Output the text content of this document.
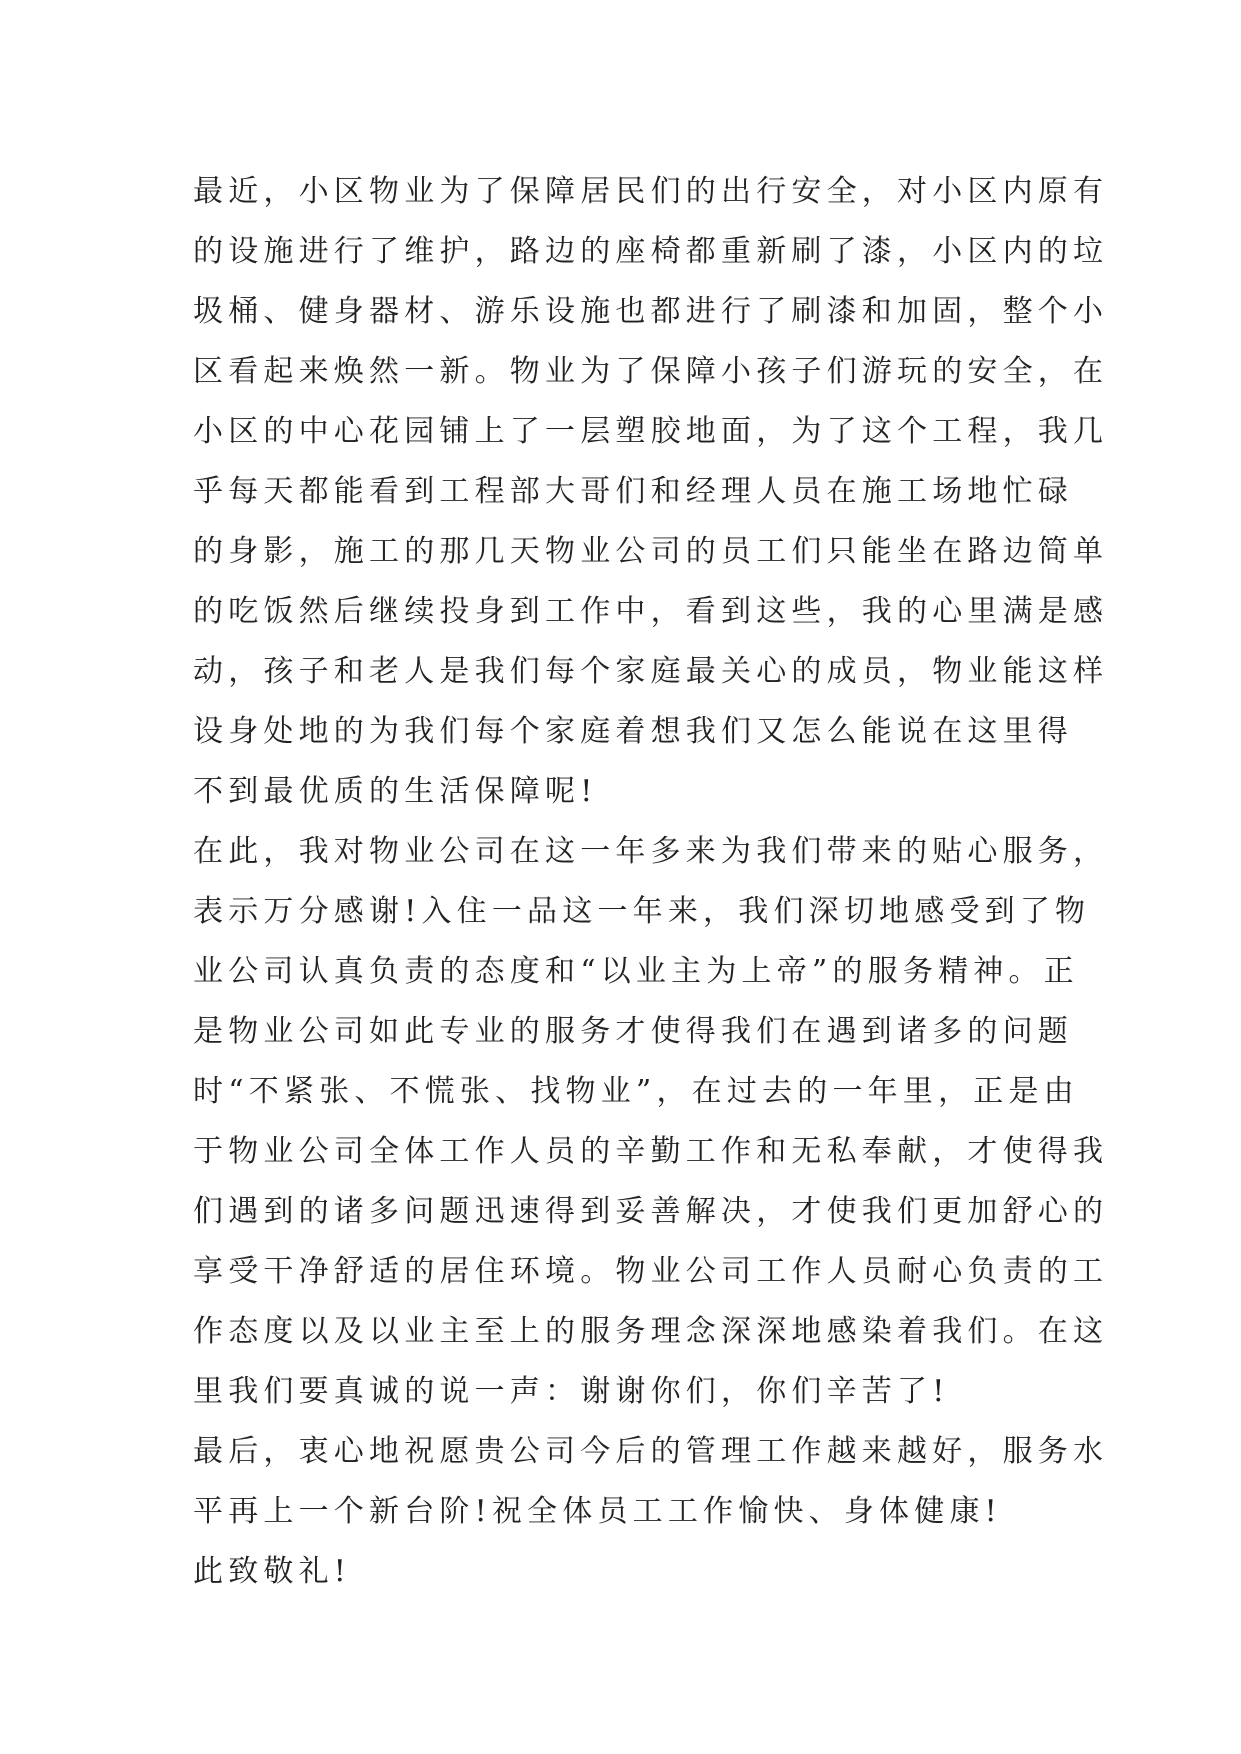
最近，小区物业为了保障居民们的出行安全，对小区内原有
的设施进行了维护，路边的座椅都重新刷了漆，小区内的垃
圾桶、健身器材、游乐设施也都进行了刷漆和加固，整个小
区看起来焕然一新。物业为了保障小孩子们游玩的安全，在
小区的中心花园铺上了一层塑胶地面，为了这个工程，我几
乎每天都能看到工程部大哥们和经理人员在施工场地忙碌
的身影，施工的那几天物业公司的员工们只能坐在路边简单
的吃饭然后继续投身到工作中，看到这些，我的心里满是感
动，孩子和老人是我们每个家庭最关心的成员，物业能这样
设身处地的为我们每个家庭着想我们又怎么能说在这里得
不到最优质的生活保障呢!
在此，我对物业公司在这一年多来为我们带来的贴心服务，
表示万分感谢!入住一品这一年来，我们深切地感受到了物
业公司认真负责的态度和“以业主为上帝”的服务精神。正
是物业公司如此专业的服务才使得我们在遇到诸多的问题
时“不紧张、不慌张、找物业”，在过去的一年里，正是由
于物业公司全体工作人员的辛勤工作和无私奉献，才使得我
们遇到的诸多问题迅速得到妥善解决，才使我们更加舒心的
享受干净舒适的居住环境。物业公司工作人员耐心负责的工
作态度以及以业主至上的服务理念深深地感染着我们。在这
里我们要真诚的说一声：谢谢你们，你们辛苦了!
最后，衷心地祝愿贵公司今后的管理工作越来越好，服务水
平再上一个新台阶!祝全体员工工作愉快、身体健康!
此致敬礼!
